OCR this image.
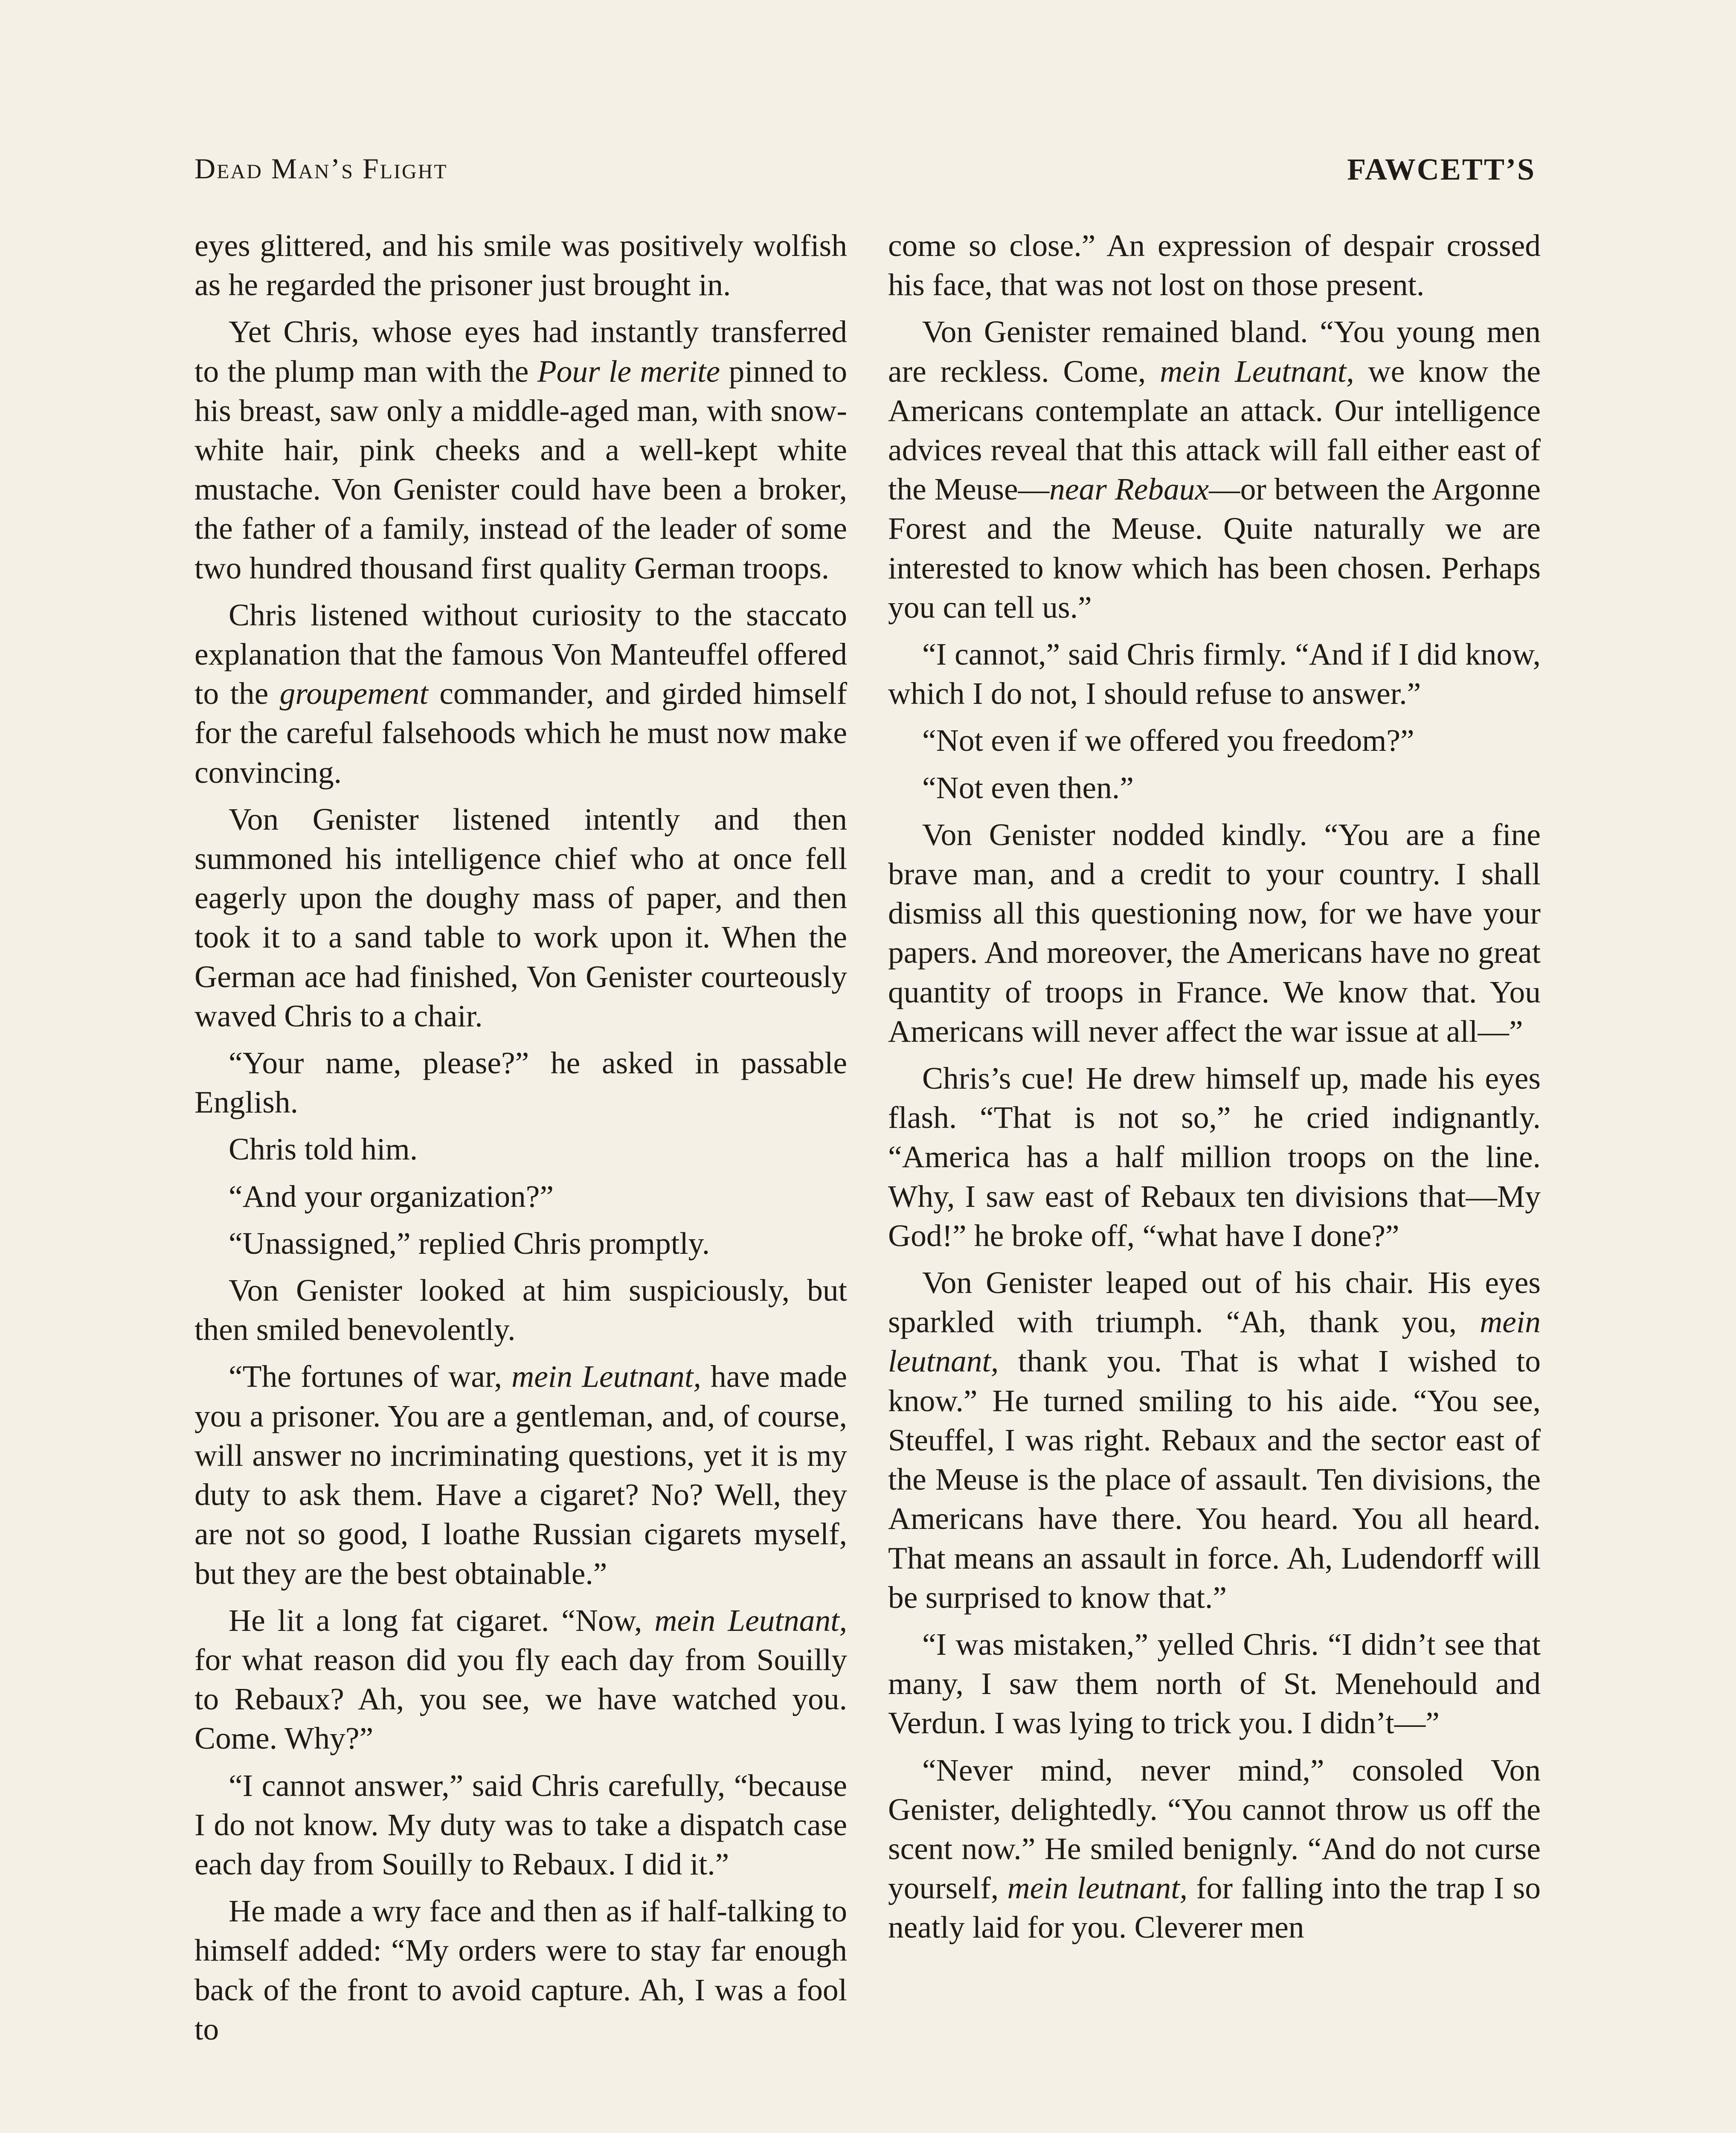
Dead Man’s Flight	FAWCETT’S

eyes glittered, and his smile was positively wolfish as he regarded the prisoner just brought in.

Yet Chris, whose eyes had instantly transferred to the plump man with the Pour le merite pinned to his breast, saw only a middle-aged man, with snow-white hair, pink cheeks and a well-kept white mustache. Von Genister could have been a broker, the father of a family, instead of the leader of some two hundred thousand first quality German troops.

Chris listened without curiosity to the staccato explanation that the famous Von Manteuffel offered to the groupement commander, and girded himself for the careful falsehoods which he must now make convincing.

Von Genister listened intently and then summoned his intelligence chief who at once fell eagerly upon the doughy mass of paper, and then took it to a sand table to work upon it. When the German ace had finished, Von Genister courteously waved Chris to a chair.

“Your name, please?” he asked in passable English.

Chris told him.

“And your organization?”

“Unassigned,” replied Chris promptly.

Von Genister looked at him suspiciously, but then smiled benevolently.

“The fortunes of war, mein Leutnant, have made you a prisoner. You are a gentleman, and, of course, will answer no incriminating questions, yet it is my duty to ask them. Have a cigaret? No? Well, they are not so good, I loathe Russian cigarets myself, but they are the best obtainable.”

He lit a long fat cigaret. “Now, mein Leutnant, for what reason did you fly each day from Souilly to Rebaux? Ah, you see, we have watched you. Come. Why?”

“I cannot answer,” said Chris carefully, “because I do not know. My duty was to take a dispatch case each day from Souilly to Rebaux. I did it.”

He made a wry face and then as if half-talking to himself added: “My orders were to stay far enough back of the front to avoid capture. Ah, I was a fool to

come so close.” An expression of despair crossed his face, that was not lost on those present.

Von Genister remained bland. “You young men are reckless. Come, mein Leutnant, we know the Americans contemplate an attack. Our intelligence advices reveal that this attack will fall either east of the Meuse—near Rebaux—or between the Argonne Forest and the Meuse. Quite naturally we are interested to know which has been chosen. Perhaps you can tell us.”

“I cannot,” said Chris firmly. “And if I did know, which I do not, I should refuse to answer.”

“Not even if we offered you freedom?”

“Not even then.”

Von Genister nodded kindly. “You are a fine brave man, and a credit to your country. I shall dismiss all this questioning now, for we have your papers. And moreover, the Americans have no great quantity of troops in France. We know that. You Americans will never affect the war issue at all—”

Chris’s cue! He drew himself up, made his eyes flash. “That is not so,” he cried indignantly. “America has a half million troops on the line. Why, I saw east of Rebaux ten divisions that—My God!” he broke off, “what have I done?”

Von Genister leaped out of his chair. His eyes sparkled with triumph. “Ah, thank you, mein leutnant, thank you. That is what I wished to know.” He turned smiling to his aide. “You see, Steuffel, I was right. Rebaux and the sector east of the Meuse is the place of assault. Ten divisions, the Americans have there. You heard. You all heard. That means an assault in force. Ah, Ludendorff will be surprised to know that.”

“I was mistaken,” yelled Chris. “I didn’t see that many, I saw them north of St. Menehould and Verdun. I was lying to trick you. I didn’t—”

“Never mind, never mind,” consoled Von Genister, delightedly. “You cannot throw us off the scent now.” He smiled benignly. “And do not curse yourself, mein leutnant, for falling into the trap I so neatly laid for you. Cleverer men
